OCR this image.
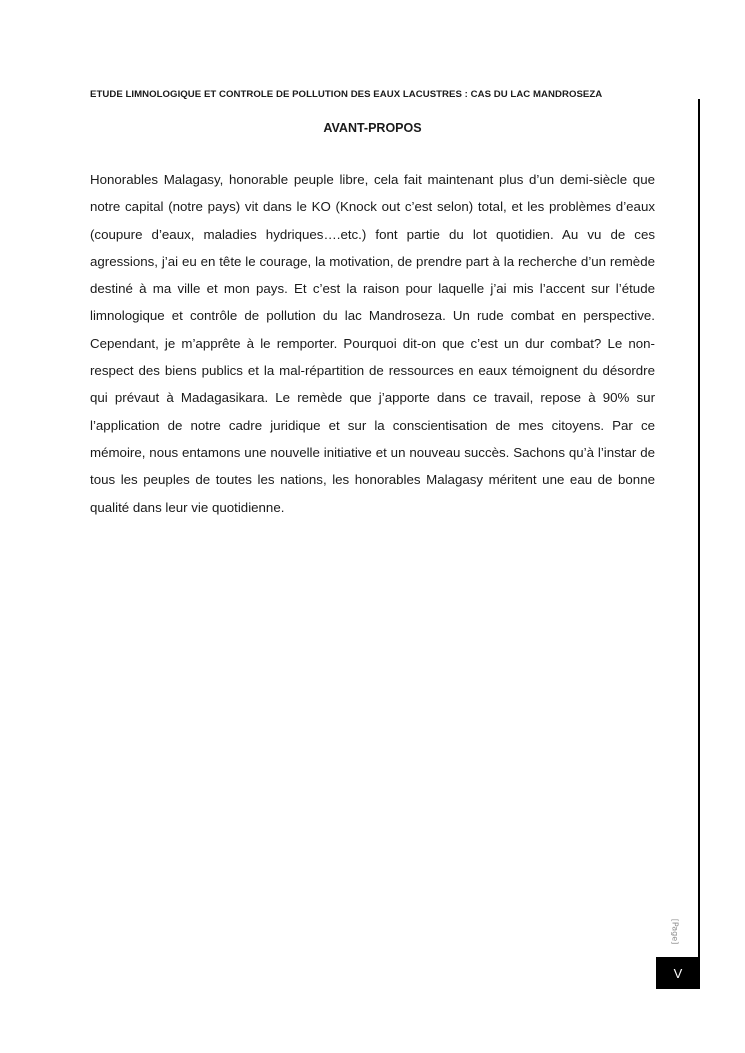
ETUDE LIMNOLOGIQUE ET CONTROLE DE POLLUTION DES EAUX LACUSTRES : CAS DU LAC MANDROSEZA
AVANT-PROPOS

Honorables Malagasy, honorable peuple libre, cela fait maintenant plus d’un demi-siècle que notre capital (notre pays) vit dans le KO (Knock out c’est selon) total, et les problèmes d’eaux (coupure d’eaux, maladies hydriques….etc.) font partie du lot quotidien. Au vu de ces agressions, j’ai eu en tête le courage, la motivation, de prendre part à la recherche d’un remède destiné à ma ville et mon pays. Et c’est la raison pour laquelle j’ai mis l’accent sur l’étude limnologique et contrôle de pollution du lac Mandroseza. Un rude combat en perspective. Cependant, je m’apprête à le remporter. Pourquoi dit-on que c’est un dur combat? Le non-respect des biens publics et la mal-répartition de ressources en eaux témoignent du désordre qui prévaut à Madagasikara. Le remède que j’apporte dans ce travail, repose à 90% sur l’application de notre cadre juridique et sur la conscientisation de mes citoyens. Par ce mémoire, nous entamons une nouvelle initiative et un nouveau succès. Sachons qu’à l’instar de tous les peuples de toutes les nations, les honorables Malagasy méritent une eau de bonne qualité dans leur vie quotidienne.

[Page]
V
